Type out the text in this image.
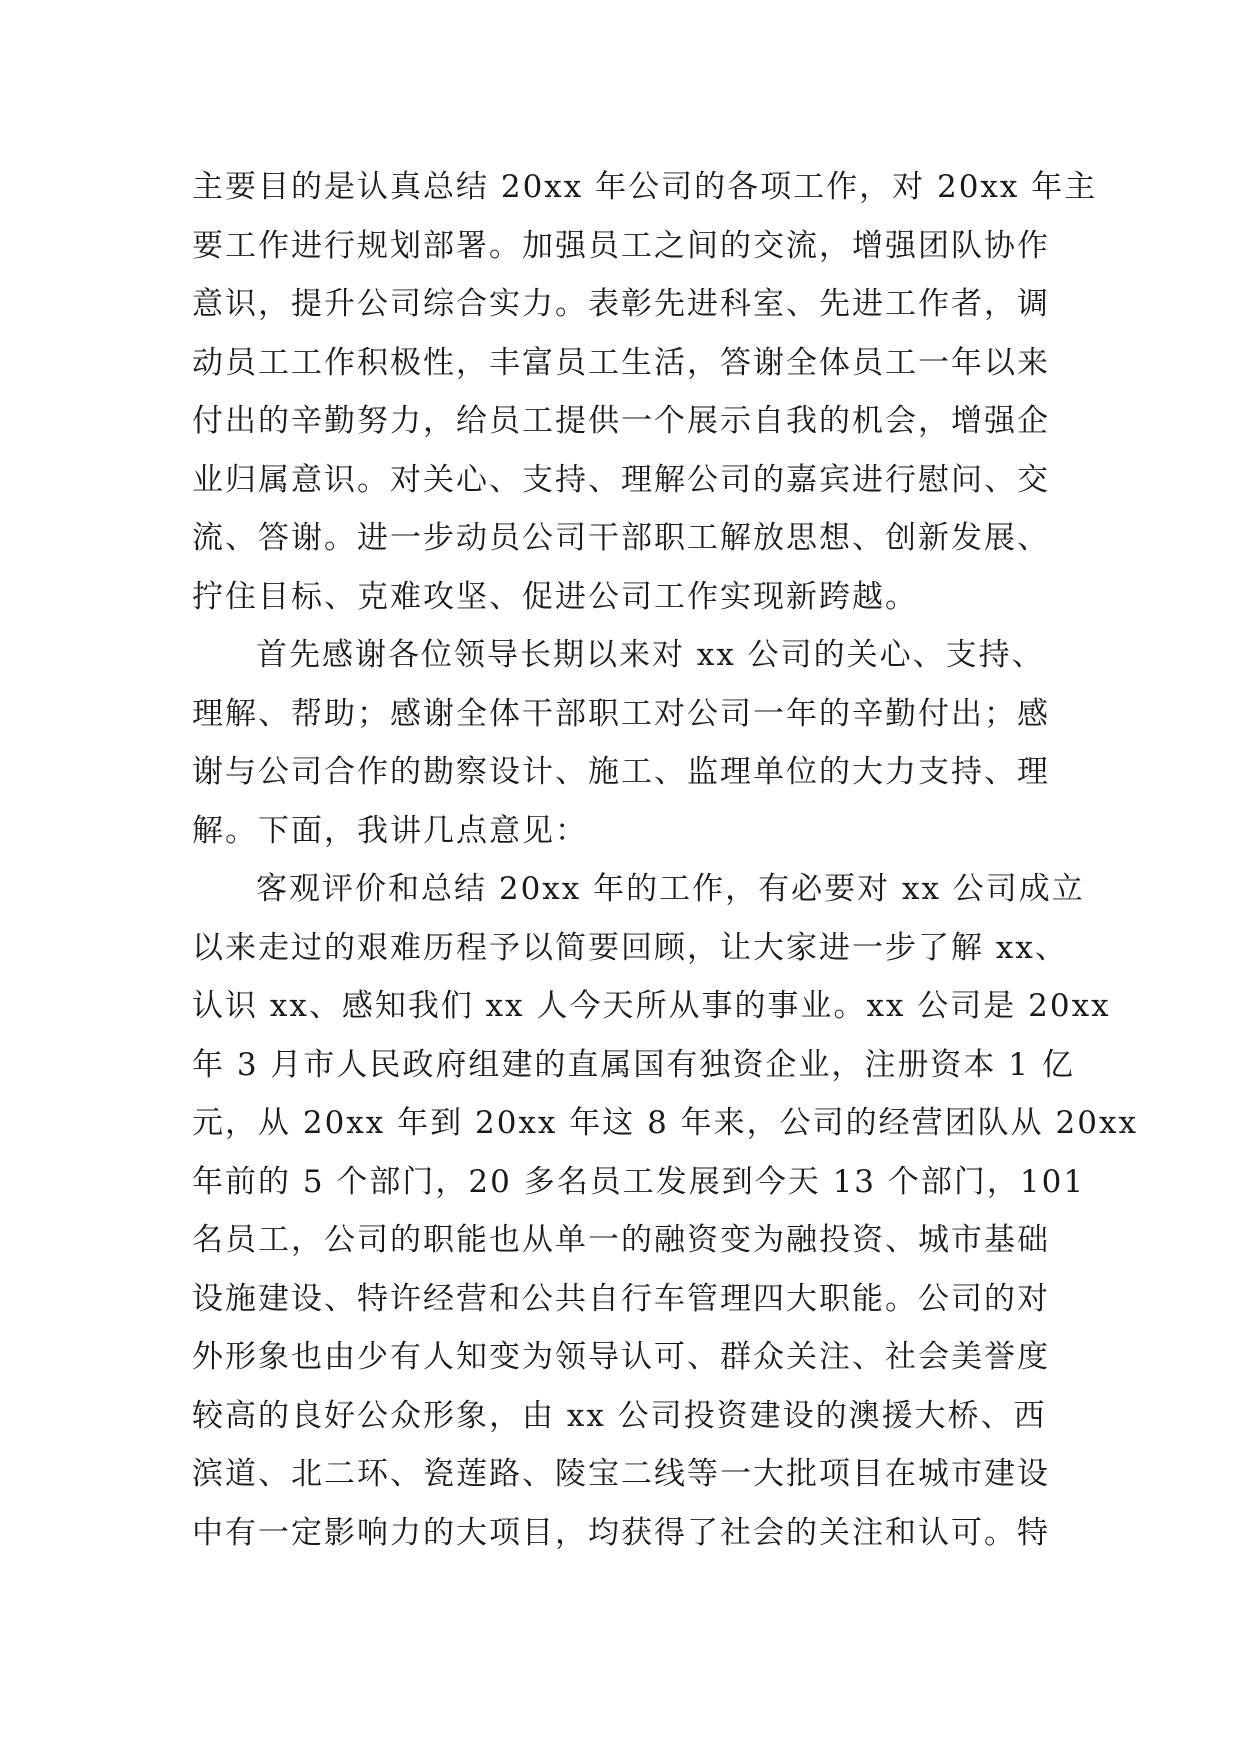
主要目的是认真总结 20xx 年公司的各项工作，对 20xx 年主
要工作进行规划部署。加强员工之间的交流，增强团队协作
意识，提升公司综合实力。表彰先进科室、先进工作者，调
动员工工作积极性，丰富员工生活，答谢全体员工一年以来
付出的辛勤努力，给员工提供一个展示自我的机会，增强企
业归属意识。对关心、支持、理解公司的嘉宾进行慰问、交
流、答谢。进一步动员公司干部职工解放思想、创新发展、
拧住目标、克难攻坚、促进公司工作实现新跨越。
首先感谢各位领导长期以来对 xx 公司的关心、支持、
理解、帮助；感谢全体干部职工对公司一年的辛勤付出；感
谢与公司合作的勘察设计、施工、监理单位的大力支持、理
解。下面，我讲几点意见：
客观评价和总结 20xx 年的工作，有必要对 xx 公司成立
以来走过的艰难历程予以简要回顾，让大家进一步了解 xx、
认识 xx、感知我们 xx 人今天所从事的事业。xx 公司是 20xx
年 3 月市人民政府组建的直属国有独资企业，注册资本 1 亿
元，从 20xx 年到 20xx 年这 8 年来，公司的经营团队从 20xx
年前的 5 个部门，20 多名员工发展到今天 13 个部门，101
名员工，公司的职能也从单一的融资变为融投资、城市基础
设施建设、特许经营和公共自行车管理四大职能。公司的对
外形象也由少有人知变为领导认可、群众关注、社会美誉度
较高的良好公众形象，由 xx 公司投资建设的澳援大桥、西
滨道、北二环、瓷莲路、陵宝二线等一大批项目在城市建设
中有一定影响力的大项目，均获得了社会的关注和认可。特
